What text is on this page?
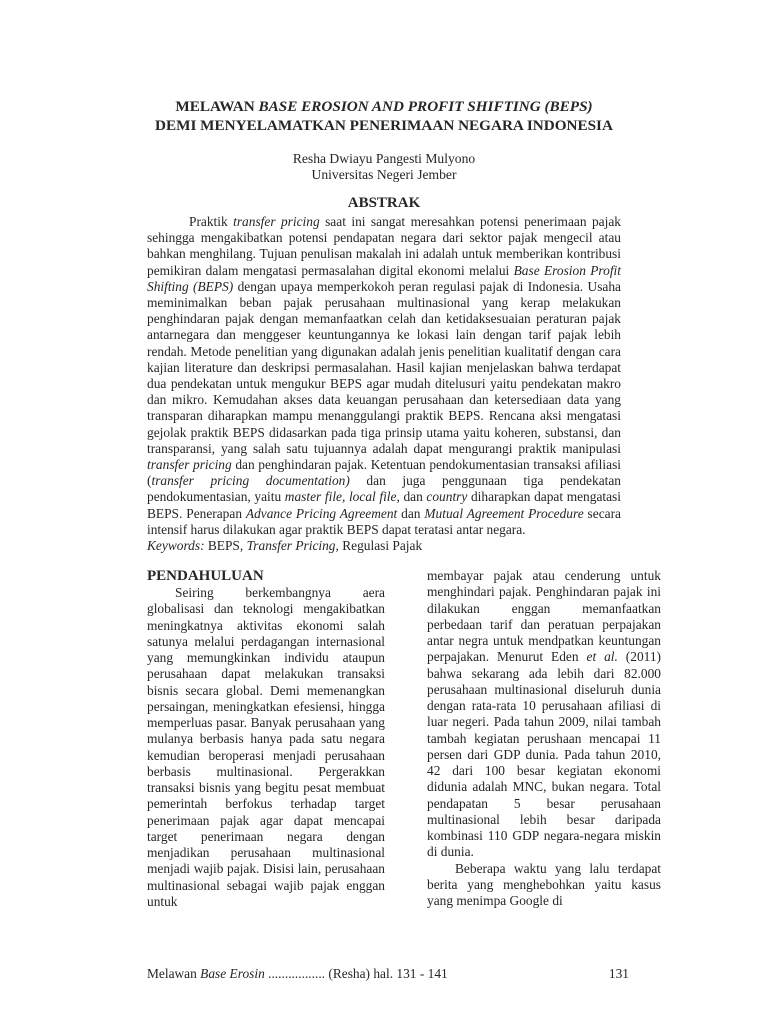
MELAWAN BASE EROSION AND PROFIT SHIFTING (BEPS)
DEMI MENYELAMATKAN PENERIMAAN NEGARA INDONESIA
Resha Dwiayu Pangesti Mulyono
Universitas Negeri Jember
ABSTRAK

Praktik transfer pricing saat ini sangat meresahkan potensi penerimaan pajak sehingga mengakibatkan potensi pendapatan negara dari sektor pajak mengecil atau bahkan menghilang. Tujuan penulisan makalah ini adalah untuk memberikan kontribusi pemikiran dalam mengatasi permasalahan digital ekonomi melalui Base Erosion Profit Shifting (BEPS) dengan upaya memperkokoh peran regulasi pajak di Indonesia. Usaha meminimalkan beban pajak perusahaan multinasional yang kerap melakukan penghindaran pajak dengan memanfaatkan celah dan ketidaksesuaian peraturan pajak antarnegara dan menggeser keuntungannya ke lokasi lain dengan tarif pajak lebih rendah. Metode penelitian yang digunakan adalah jenis penelitian kualitatif dengan cara kajian literature dan deskripsi permasalahan. Hasil kajian menjelaskan bahwa terdapat dua pendekatan untuk mengukur BEPS agar mudah ditelusuri yaitu pendekatan makro dan mikro. Kemudahan akses data keuangan perusahaan dan ketersediaan data yang transparan diharapkan mampu menanggulangi praktik BEPS. Rencana aksi mengatasi gejolak praktik BEPS didasarkan pada tiga prinsip utama yaitu koheren, substansi, dan transparansi, yang salah satu tujuannya adalah dapat mengurangi praktik manipulasi transfer pricing dan penghindaran pajak. Ketentuan pendokumentasian transaksi afiliasi (transfer pricing documentation) dan juga penggunaan tiga pendekatan pendokumentasian, yaitu master file, local file, dan country diharapkan dapat mengatasi BEPS. Penerapan Advance Pricing Agreement dan Mutual Agreement Procedure secara intensif harus dilakukan agar praktik BEPS dapat teratasi antar negara.

Keywords: BEPS, Transfer Pricing, Regulasi Pajak
PENDAHULUAN

Seiring berkembangnya aera globalisasi dan teknologi mengakibatkan meningkatnya aktivitas ekonomi salah satunya melalui perdagangan internasional yang memungkinkan individu ataupun perusahaan dapat melakukan transaksi bisnis secara global. Demi memenangkan persaingan, meningkatkan efesiensi, hingga memperluas pasar. Banyak perusahaan yang mulanya berbasis hanya pada satu negara kemudian beroperasi menjadi perusahaan berbasis multinasional. Pergerakkan transaksi bisnis yang begitu pesat membuat pemerintah berfokus terhadap target penerimaan pajak agar dapat mencapai target penerimaan negara dengan menjadikan perusahaan multinasional menjadi wajib pajak. Disisi lain, perusahaan multinasional sebagai wajib pajak enggan untuk

membayar pajak atau cenderung untuk menghindari pajak. Penghindaran pajak ini dilakukan enggan memanfaatkan perbedaan tarif dan peratuan perpajakan antar negra untuk mendpatkan keuntungan perpajakan. Menurut Eden et al. (2011) bahwa sekarang ada lebih dari 82.000 perusahaan multinasional diseluruh dunia dengan rata-rata 10 perusahaan afiliasi di luar negeri. Pada tahun 2009, nilai tambah tambah kegiatan perushaan mencapai 11 persen dari GDP dunia. Pada tahun 2010, 42 dari 100 besar kegiatan ekonomi didunia adalah MNC, bukan negara. Total pendapatan 5 besar perusahaan multinasional lebih besar daripada kombinasi 110 GDP negara-negara miskin di dunia.

Beberapa waktu yang lalu terdapat berita yang menghebohkan yaitu kasus yang menimpa Google di

Melawan Base Erosin ................. (Resha) hal. 131 - 141	131
